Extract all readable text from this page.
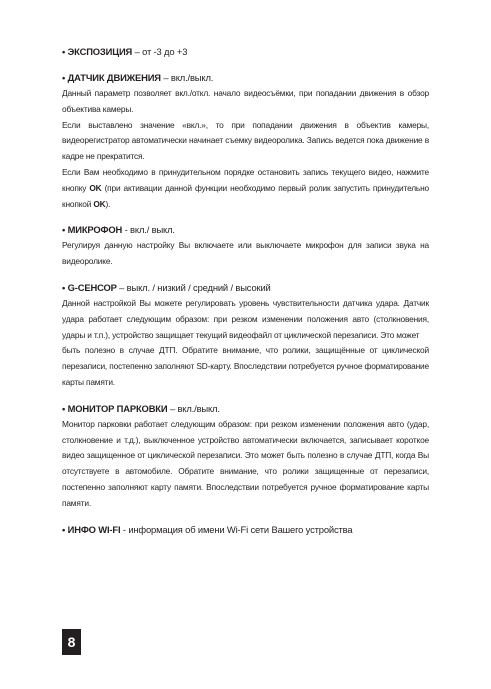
• ЭКСПОЗИЦИЯ – от -3 до +3
• ДАТЧИК ДВИЖЕНИЯ – вкл./выкл.

Данный параметр позволяет вкл./откл. начало видеосъёмки, при попадании движения в обзор объектива камеры.

Если выставлено значение «вкл.», то при попадании движения в объектив камеры, видеорегистратор автоматически начинает съемку видеоролика. Запись ведется пока движение в кадре не прекратится.

Если Вам необходимо в принудительном порядке остановить запись текущего видео, нажмите кнопку OK (при активации данной функции необходимо первый ролик запустить принудительно кнопкой OK).

• МИКРОФОН - вкл./ выкл.

Регулируя данную настройку Вы включаете или выключаете микрофон для записи звука на видеоролике.

• G-СЕНСОР – выкл. / низкий / средний / высокий

Данной настройкой Вы можете регулировать уровень чувствительности датчика удара. Датчик удара работает следующим образом: при резком изменении положения авто (столкновения, удары и т.п.), устройство защищает текущий видеофайл от циклической перезаписи. Это может

быть полезно в случае ДТП. Обратите внимание, что ролики, защищённые от циклической перезаписи, постепенно заполняют SD-карту. Впоследствии потребуется ручное форматирование карты памяти.

• МОНИТОР ПАРКОВКИ – вкл./выкл.

Монитор парковки работает следующим образом: при резком изменении положения авто (удар, столкновение и т.д.), выключенное устройство автоматически включается, записывает короткое видео защищенное от циклической перезаписи. Это может быть полезно в случае ДТП, когда Вы отсутствуете в автомобиле. Обратите внимание, что ролики защищенные от перезаписи, постепенно заполняют карту памяти. Впоследствии потребуется ручное форматирование карты памяти.

• ИНФО WI-FI - информация об имени Wi-Fi сети Вашего устройства
8
